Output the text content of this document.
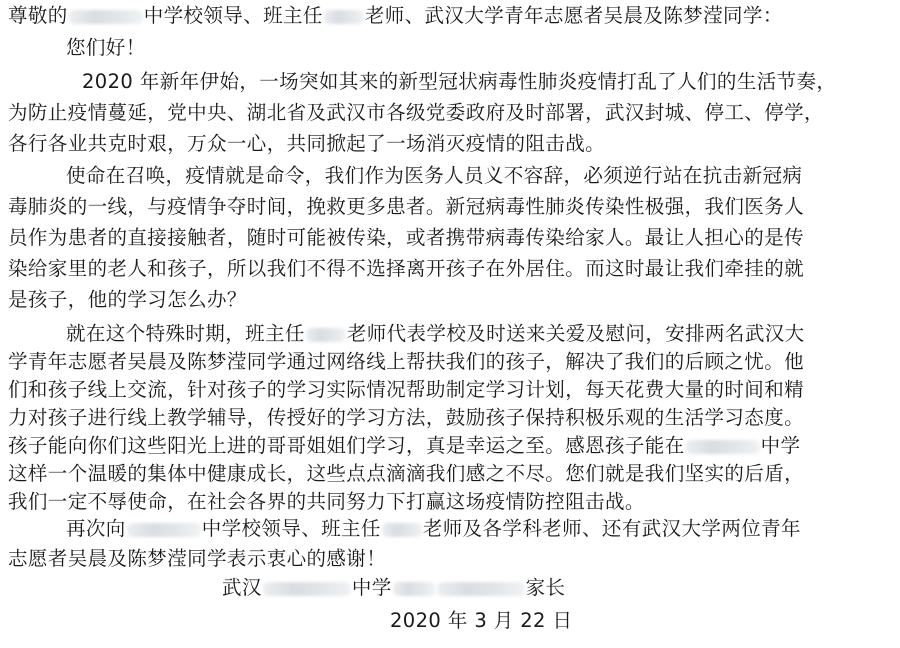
尊敬的	中学校领导、班主任 老师、武汉大学青年志愿者吴晨及陈梦滢同学：
您们好！
2020 年新年伊始，一场突如其来的新型冠状病毒性肺炎疫情打乱了人们的生活节奏，
为防止疫情蔓延，党中央、湖北省及武汉市各级党委政府及时部署，武汉封城、停工、停学，
各行各业共克时艰，万众一心，共同掀起了一场消灭疫情的阻击战。
使命在召唤，疫情就是命令，我们作为医务人员义不容辞，必须逆行站在抗击新冠病
毒肺炎的一线，与疫情争夺时间，挽救更多患者。新冠病毒性肺炎传染性极强，我们医务人
员作为患者的直接接触者，随时可能被传染，或者携带病毒传染给家人。最让人担心的是传
染给家里的老人和孩子，所以我们不得不选择离开孩子在外居住。而这时最让我们牵挂的就
是孩子，他的学习怎么办？
就在这个特殊时期，班主任 老师代表学校及时送来关爱及慰问，安排两名武汉大
学青年志愿者吴晨及陈梦滢同学通过网络线上帮扶我们的孩子，解决了我们的后顾之忧。他
们和孩子线上交流，针对孩子的学习实际情况帮助制定学习计划，每天花费大量的时间和精
力对孩子进行线上教学辅导，传授好的学习方法，鼓励孩子保持积极乐观的生活学习态度。
孩子能向你们这些阳光上进的哥哥姐姐们学习，真是幸运之至。感恩孩子能在	中学
这样一个温暖的集体中健康成长，这些点点滴滴我们感之不尽。您们就是我们坚实的后盾，
我们一定不辱使命，在社会各界的共同努力下打赢这场疫情防控阻击战。
再次向	中学校领导、班主任 老师及各学科老师、还有武汉大学两位青年
志愿者吴晨及陈梦滢同学表示衷心的感谢！
武汉	中学	家长
2020 年 3 月 22 日
